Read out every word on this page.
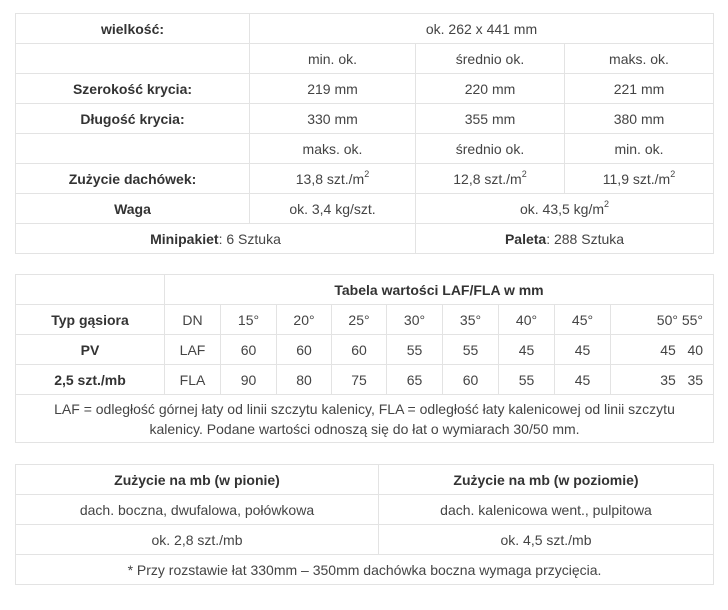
wielkość:	ok. 262 x 441 mm		
	min. ok.	średnio ok.	maks. ok.
Szerokość krycia:	219 mm	220 mm	221 mm
Długość krycia:	330 mm	355 mm	380 mm
	maks. ok.	średnio ok.	min. ok.
Zużycie dachówek:	13,8 $szt./m^2$	12,8 $szt./m^2$	11,9 $szt./m^2$
Waga	ok. 3,4 kg/szt.	ok. 43,5 $kg/m^2$
Minipakiet: 6 Sztuka		Paleta: 288 Sztuka	
	Tabela wartości LAF/FLA w mm								
Typ gąsiora	DN	15°	20°	25°	30°	35°	40°	45°	50° 55°
PV	LAF	60	60	60	55	55	45	45	45 40
2,5 szt./mb	FLA	90	80	75	65	60	55	45	35 35
LAF = odległość górnej łaty od linii szczytu kalenicy, FLA = odległość łaty kalenicowej od linii szczytu kalenicy. Podane wartości odnoszą się do łat o wymiarach 30/50 mm.									
Zużycie na mb (w pionie)	Zużycie na mb (w poziomie)
dach. boczna, dwufalowa, połówkowa	dach. kalenicowa went., pulpitowa
ok. 2,8 szt./mb	ok. 4,5 szt./mb
* Przy rozstawie łat 330mm – 350mm dachówka boczna wymaga przycięcia.	
